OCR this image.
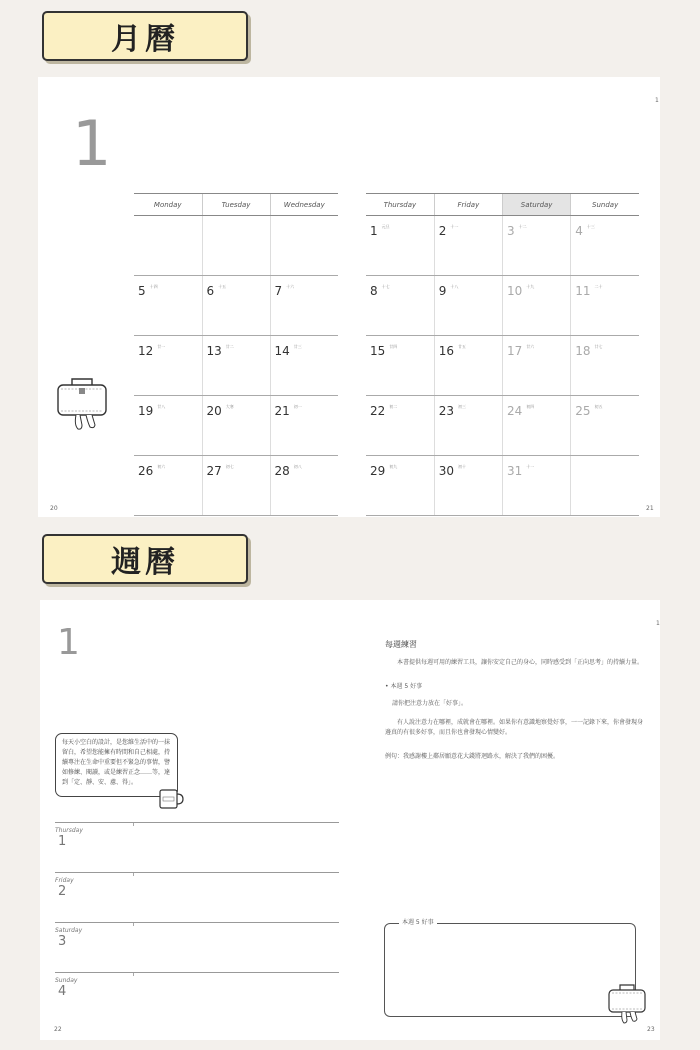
月曆
1
1
Monday	Tuesday	Wednesday

5 $^{十四}$	6 $^{十五}$	7 $^{十六}$

12 $^{廿一}$	13 $^{廿二}$	14 $^{廿三}$

19 $^{廿八}$	20 $^{大寒}$	21 $^{初一}$

26 $^{初六}$	27 $^{初七}$	28 $^{初八}$
Thursday	Friday	Saturday	Sunday

1 $^{元旦}$	2 $^{十一}$	3 $^{十二}$	4 $^{十三}$

8 $^{十七}$	9 $^{十八}$	10 $^{十九}$	11 $^{二十}$

15 $^{廿四}$	16 $^{廿五}$	17 $^{廿六}$	18 $^{廿七}$

22 $^{初二}$	23 $^{初三}$	24 $^{初四}$	25 $^{初五}$

29 $^{初九}$	30 $^{初十}$	31 $^{十一}$

20	21
週曆
1	1
每天小空白的設計，是您維生活中的一抹留白，希望您能擁有時間和自己相處，持續專注在生命中重要但不緊急的事情，譬如修練、閱讀，或是練習正念……等，達到「定、靜、安、慮、得」。
Thursday
1
Friday
2
Saturday
3
Sunday
4
每週練習
本書提供每週可用的練習工具，讓你安定自己的身心，同時感受到「正向思考」的持續力量。
• 本週 5 好事
請你把注意力放在「好事」。
有人說注意力在哪裡，成就會在哪裡。如果你有意識地察覺好事，一一記錄下來，你會發現身邊真的有很多好事，而且你也會發現心情變好。
例句：我感謝樓上鄰居願意花大錢將迴路水，解決了我們的困擾。
本週 5 好事
22	23
